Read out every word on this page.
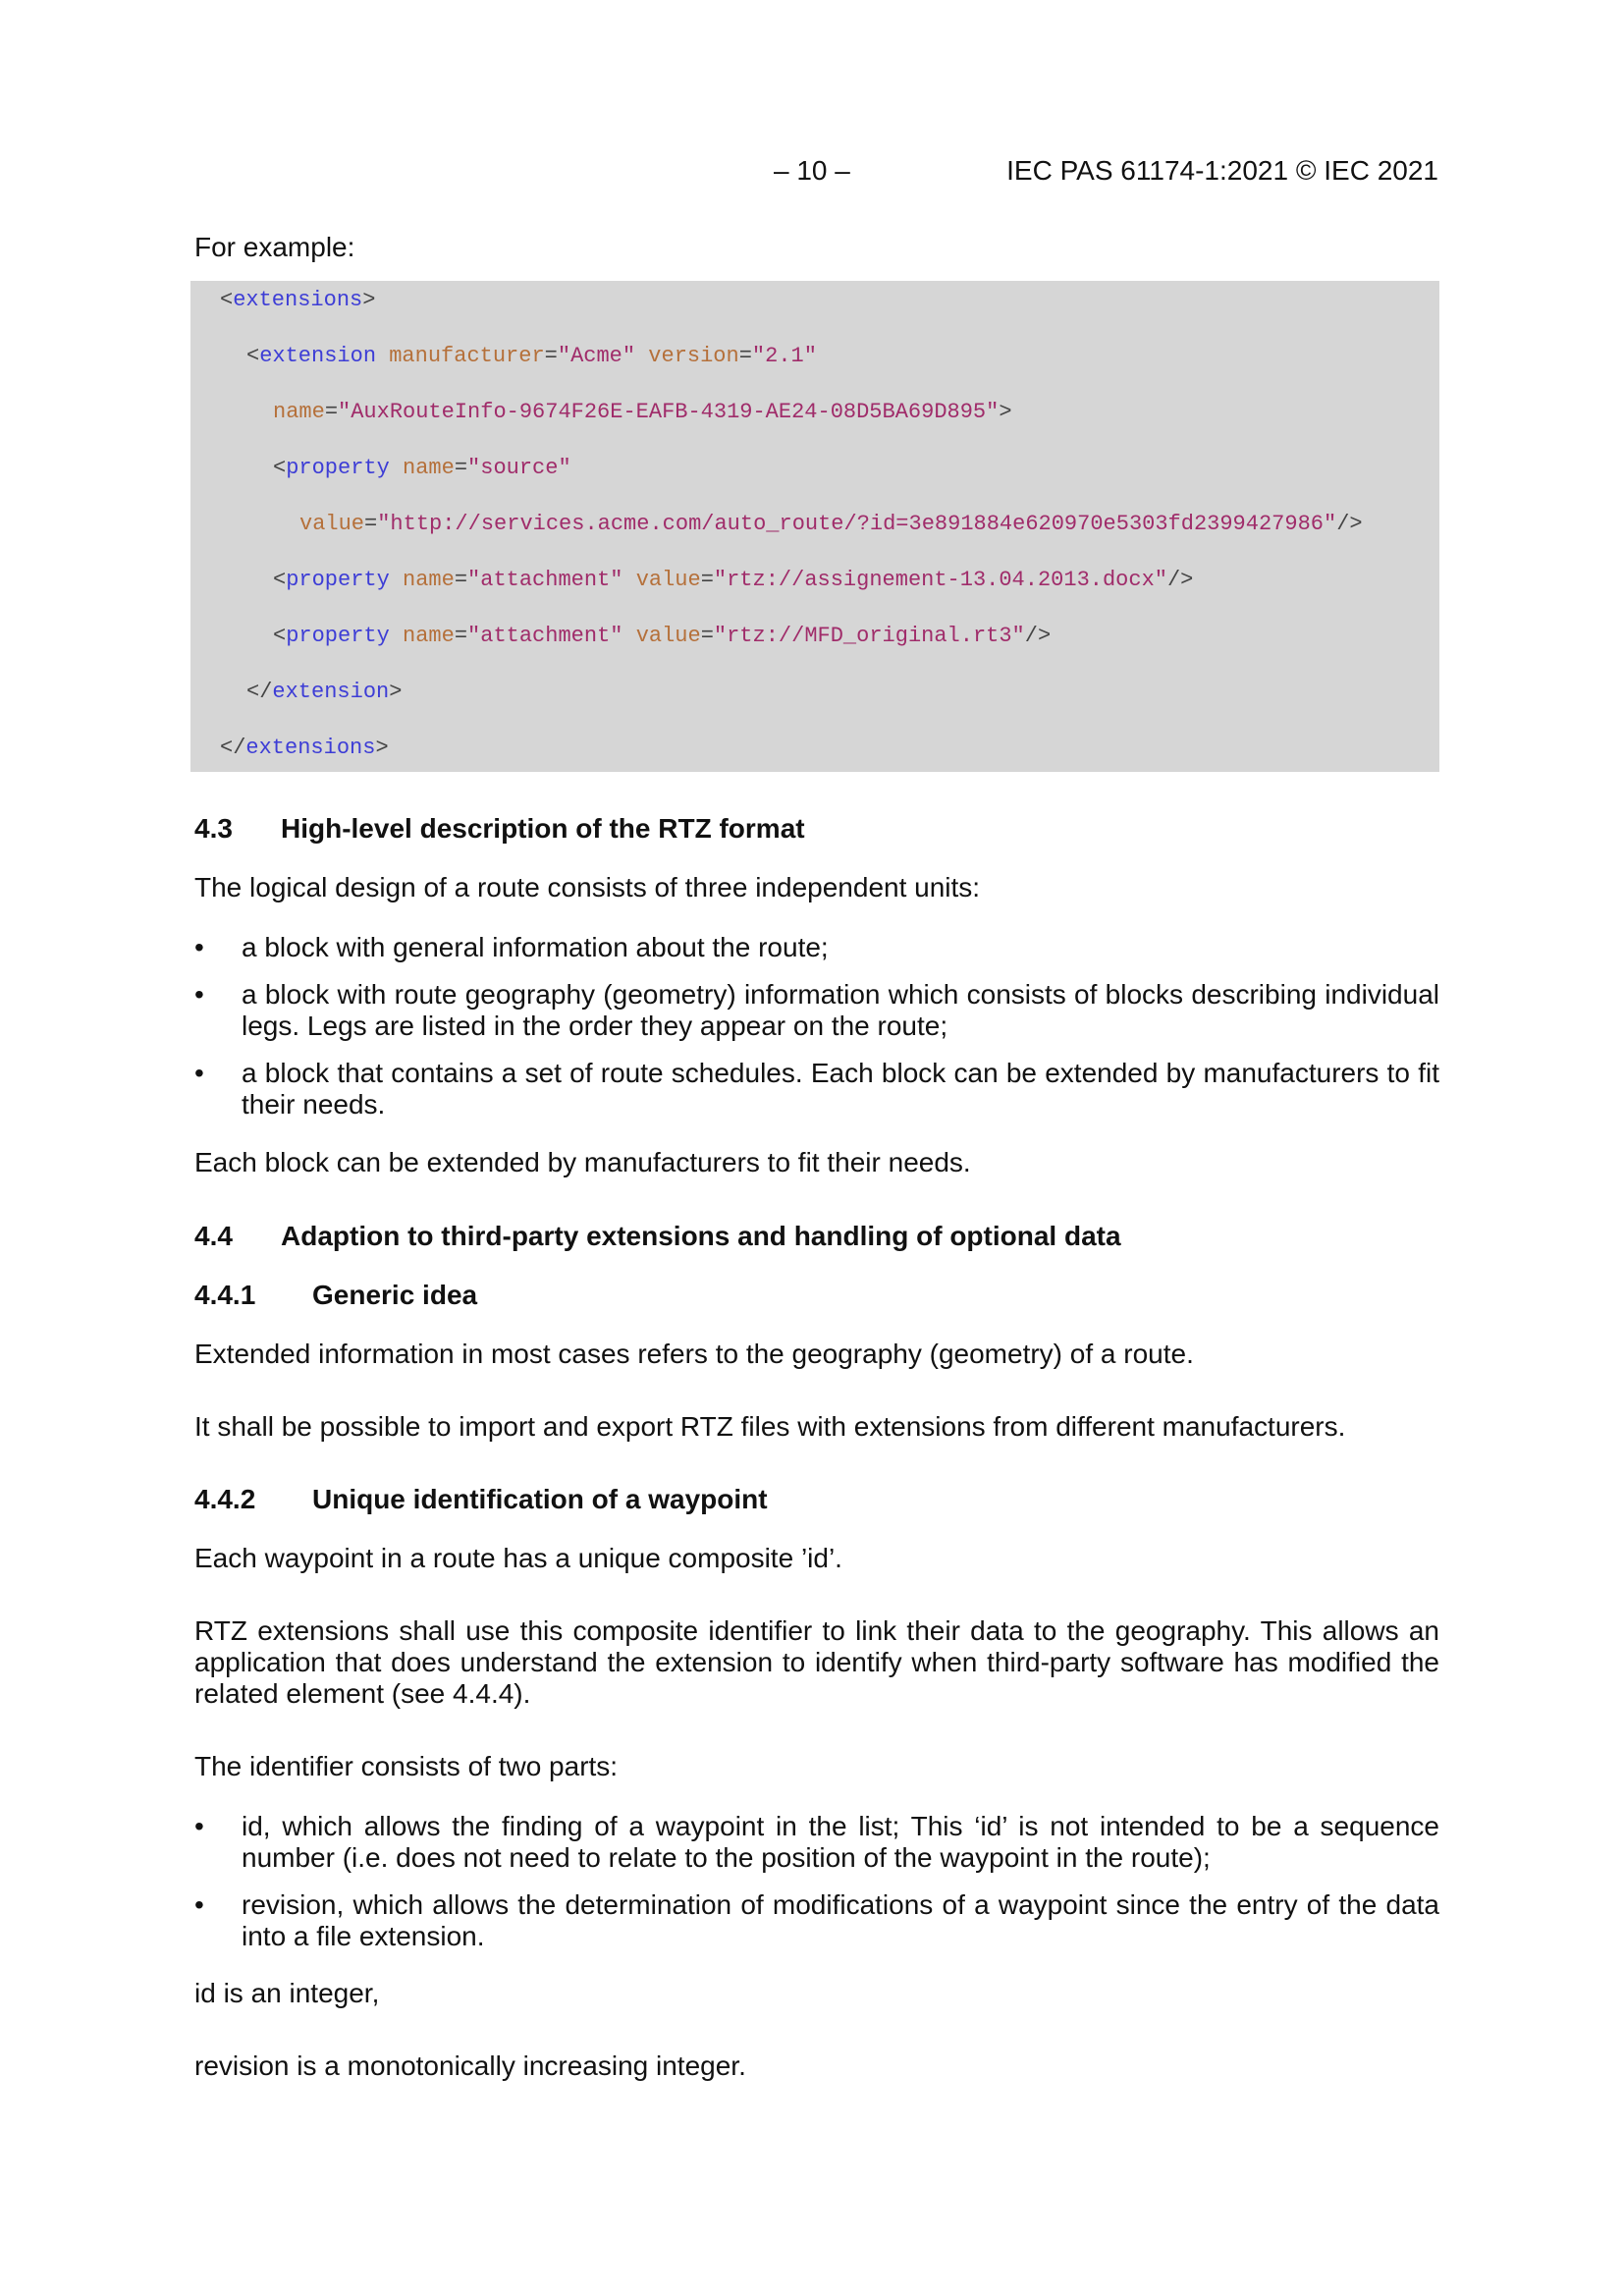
– 10 –	IEC PAS 61174-1:2021 © IEC 2021

For example:

<extensions>
<extension manufacturer="Acme" version="2.1"
name="AuxRouteInfo-9674F26E-EAFB-4319-AE24-08D5BA69D895">
<property name="source"
value="http://services.acme.com/auto_route/?id=3e891884e620970e5303fd2399427986"/>
<property name="attachment" value="rtz://assignement-13.04.2013.docx"/>
<property name="attachment" value="rtz://MFD_original.rt3"/>
</extension>
</extensions>
4.3 High-level description of the RTZ format

The logical design of a route consists of three independent units:

• a block with general information about the route;
• a block with route geography (geometry) information which consists of blocks describing individual legs. Legs are listed in the order they appear on the route;
• a block that contains a set of route schedules. Each block can be extended by manufacturers to fit their needs.

Each block can be extended by manufacturers to fit their needs.

4.4 Adaption to third-party extensions and handling of optional data
4.4.1 Generic idea

Extended information in most cases refers to the geography (geometry) of a route.

It shall be possible to import and export RTZ files with extensions from different manufacturers.

4.4.2 Unique identification of a waypoint

Each waypoint in a route has a unique composite ’id’.

RTZ extensions shall use this composite identifier to link their data to the geography. This allows an application that does understand the extension to identify when third-party software has modified the related element (see 4.4.4).

The identifier consists of two parts:

• id, which allows the finding of a waypoint in the list; This ‘id’ is not intended to be a sequence number (i.e. does not need to relate to the position of the waypoint in the route);
• revision, which allows the determination of modifications of a waypoint since the entry of the data into a file extension.

id is an integer,

revision is a monotonically increasing integer.
